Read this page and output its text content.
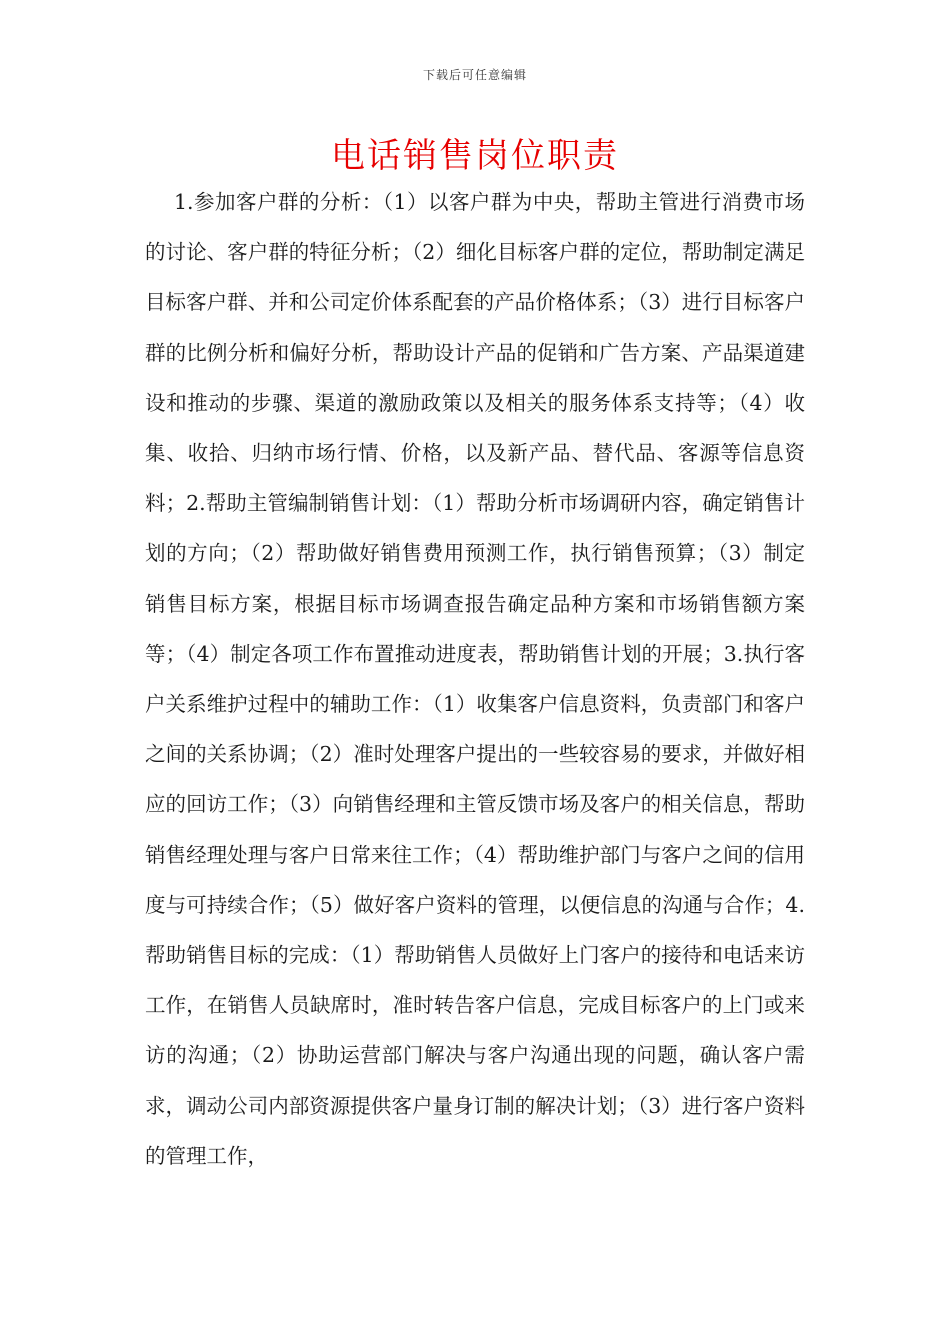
下载后可任意编辑
电话销售岗位职责

1.参加客户群的分析：（1）以客户群为中央，帮助主管进行消费市场的讨论、客户群的特征分析；（2）细化目标客户群的定位，帮助制定满足目标客户群、并和公司定价体系配套的产品价格体系；（3）进行目标客户群的比例分析和偏好分析，帮助设计产品的促销和广告方案、产品渠道建设和推动的步骤、渠道的激励政策以及相关的服务体系支持等；（4）收集、收拾、归纳市场行情、价格，以及新产品、替代品、客源等信息资料；2.帮助主管编制销售计划：（1）帮助分析市场调研内容，确定销售计划的方向；（2）帮助做好销售费用预测工作，执行销售预算；（3）制定销售目标方案，根据目标市场调查报告确定品种方案和市场销售额方案等；（4）制定各项工作布置推动进度表，帮助销售计划的开展；3.执行客户关系维护过程中的辅助工作：（1）收集客户信息资料，负责部门和客户之间的关系协调；（2）准时处理客户提出的一些较容易的要求，并做好相应的回访工作；（3）向销售经理和主管反馈市场及客户的相关信息，帮助销售经理处理与客户日常来往工作；（4）帮助维护部门与客户之间的信用度与可持续合作；（5）做好客户资料的管理，以便信息的沟通与合作；4.帮助销售目标的完成：（1）帮助销售人员做好上门客户的接待和电话来访工作，在销售人员缺席时，准时转告客户信息，完成目标客户的上门或来访的沟通；（2）协助运营部门解决与客户沟通出现的问题，确认客户需求，调动公司内部资源提供客户量身订制的解决计划；（3）进行客户资料的管理工作，
